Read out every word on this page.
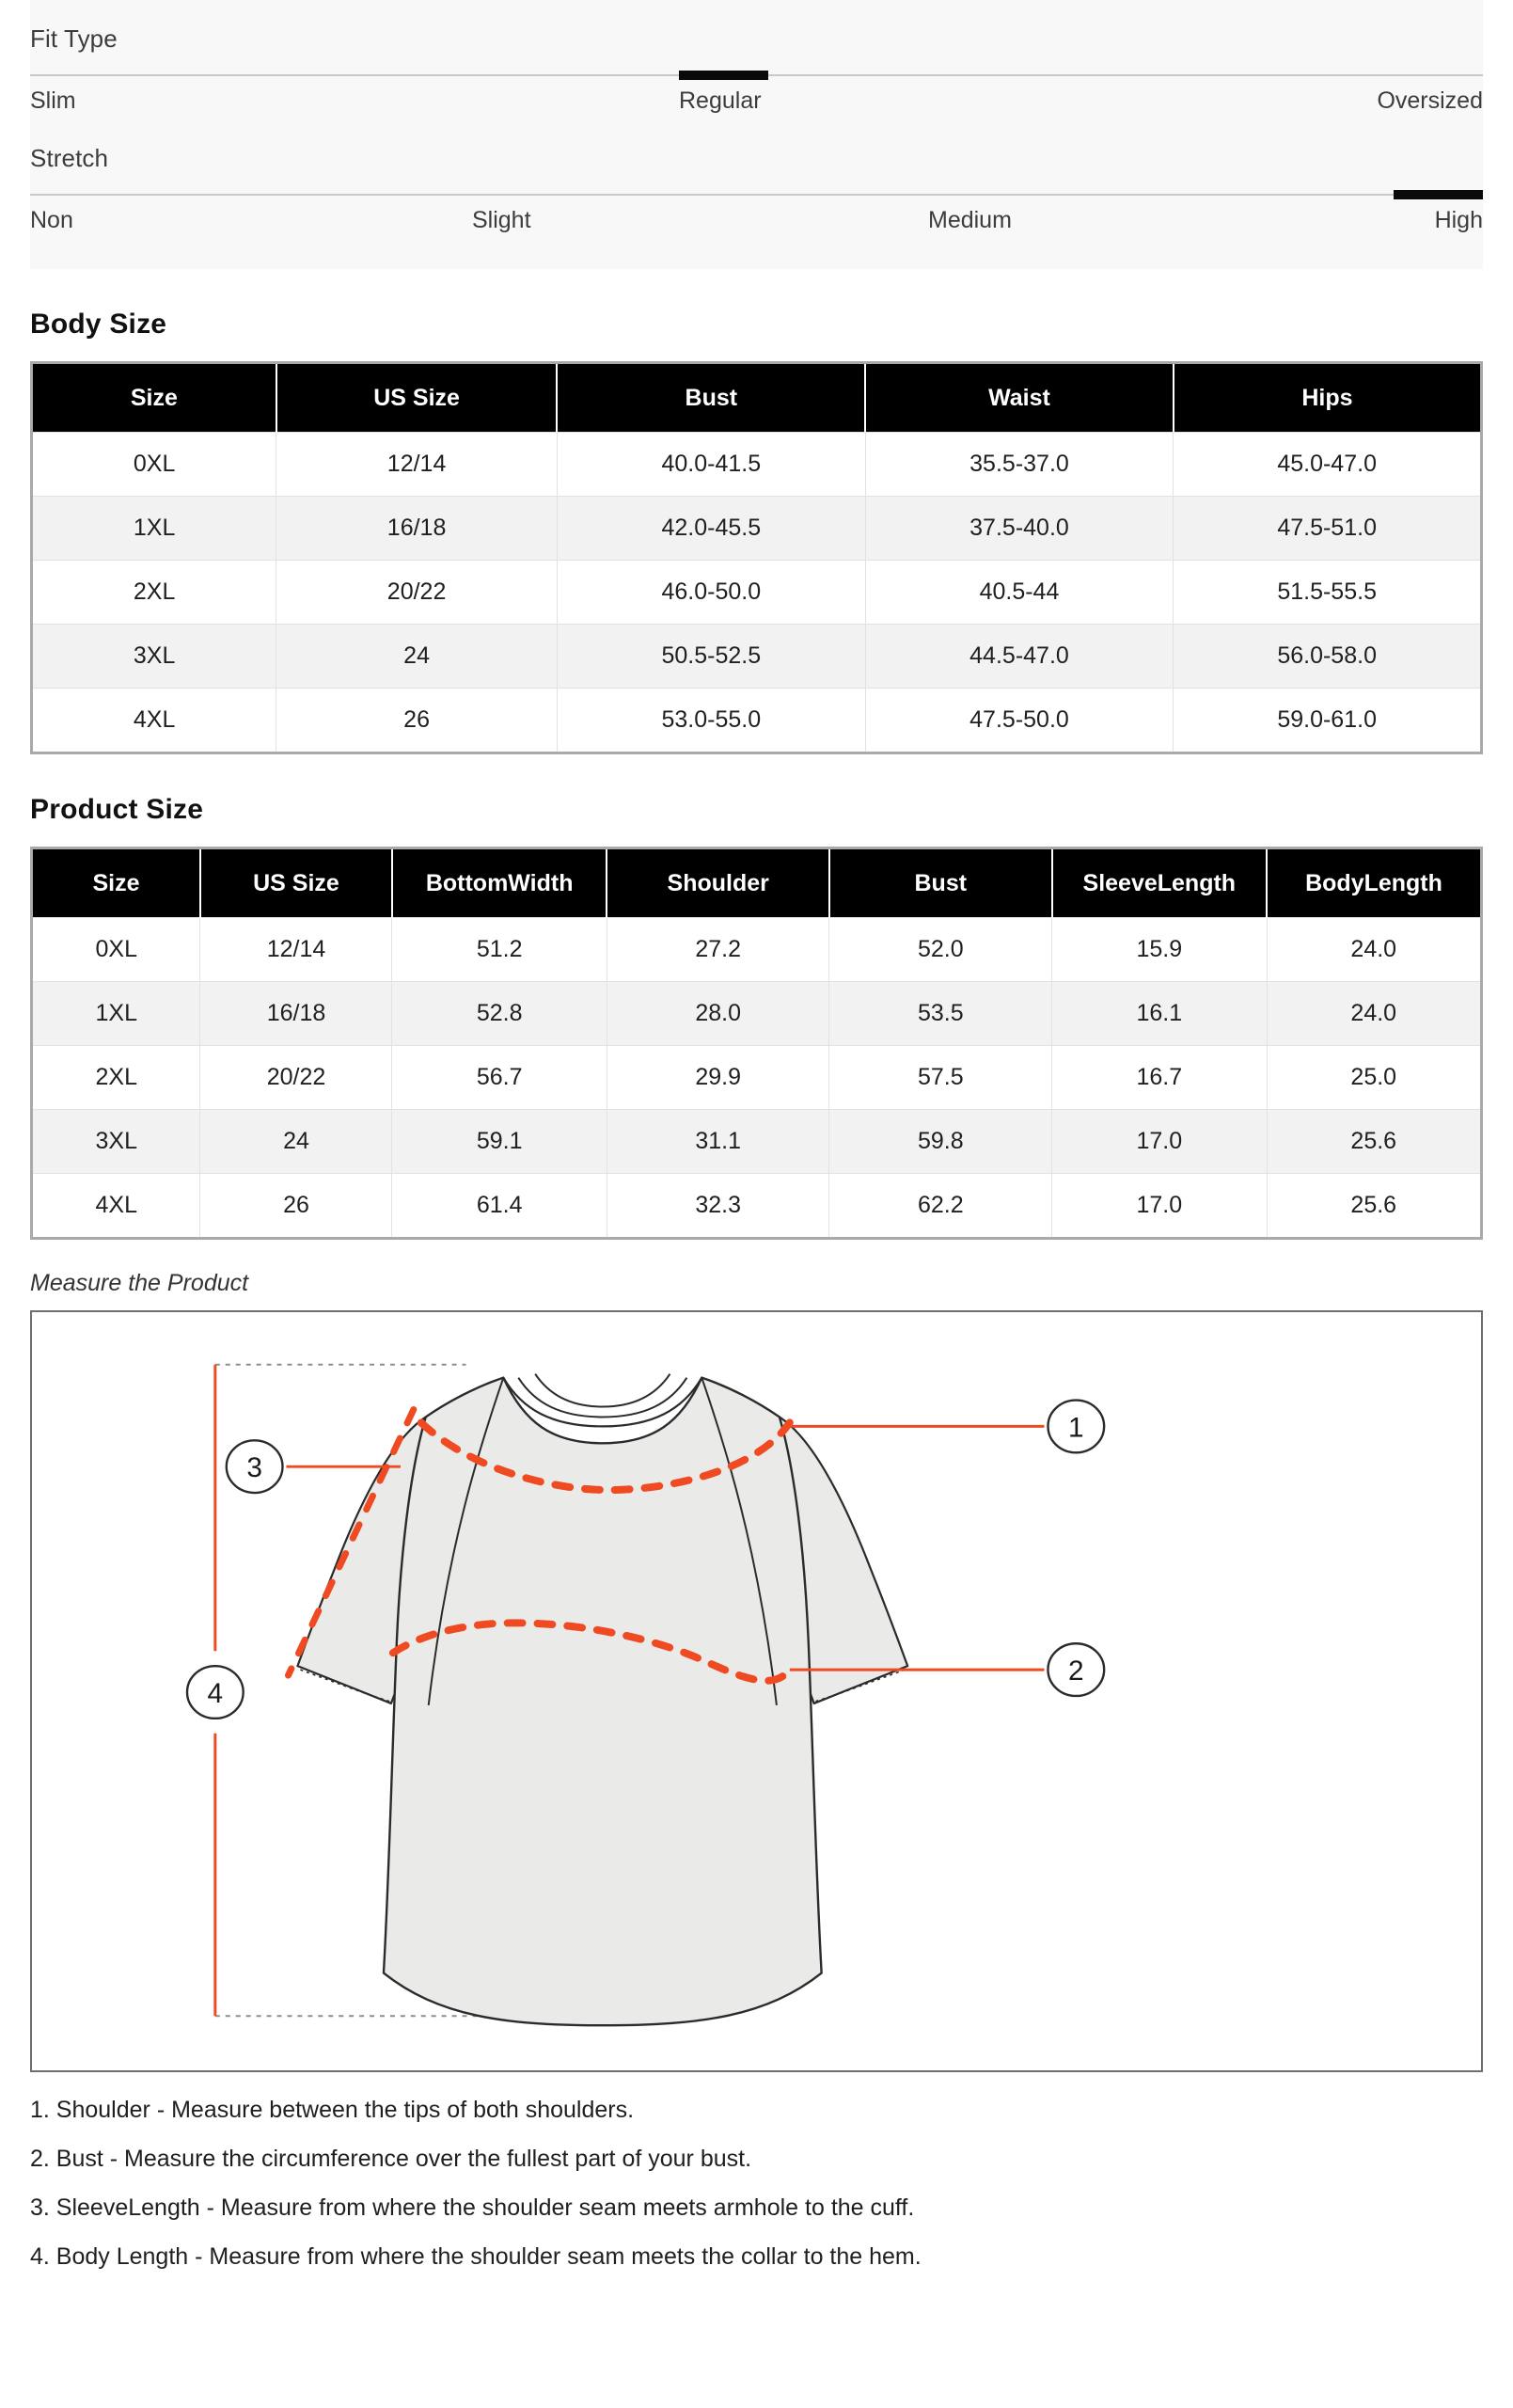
Fit Type
Slim	Regular	Oversized
Stretch
Non	Slight	Medium	High
Body Size
Size	US Size	Bust	Waist	Hips
0XL	12/14	40.0-41.5	35.5-37.0	45.0-47.0
1XL	16/18	42.0-45.5	37.5-40.0	47.5-51.0
2XL	20/22	46.0-50.0	40.5-44	51.5-55.5
3XL	24	50.5-52.5	44.5-47.0	56.0-58.0
4XL	26	53.0-55.0	47.5-50.0	59.0-61.0
Product Size
Size	US Size	BottomWidth	Shoulder	Bust	SleeveLength	BodyLength
0XL	12/14	51.2	27.2	52.0	15.9	24.0
1XL	16/18	52.8	28.0	53.5	16.1	24.0
2XL	20/22	56.7	29.9	57.5	16.7	25.0
3XL	24	59.1	31.1	59.8	17.0	25.6
4XL	26	61.4	32.3	62.2	17.0	25.6
Measure the Product
1
2
3
4
1. Shoulder - Measure between the tips of both shoulders.
2. Bust - Measure the circumference over the fullest part of your bust.
3. SleeveLength - Measure from where the shoulder seam meets armhole to the cuff.
4. Body Length - Measure from where the shoulder seam meets the collar to the hem.
